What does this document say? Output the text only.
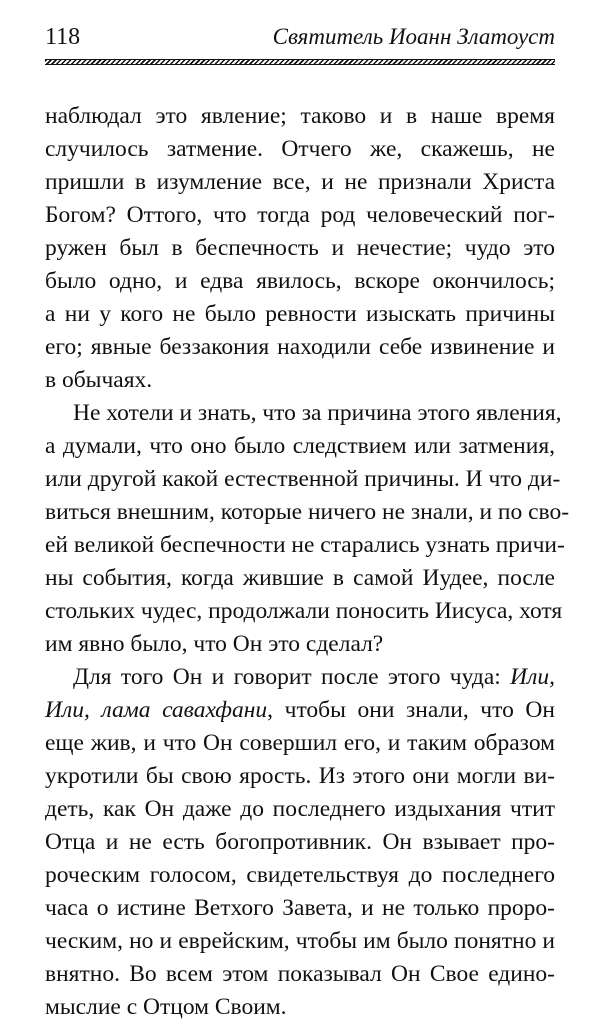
118	Святитель Иоанн Златоуст
наблюдал это явление; таково и в наше время
случилось затмение. Отчего же, скажешь, не
пришли в изумление все, и не признали Христа
Богом? Оттого, что тогда род человеческий пог-
ружен был в беспечность и нечестие; чудо это
было одно, и едва явилось, вскоре окончилось;
а ни у кого не было ревности изыскать причины
его; явные беззакония находили себе извинение и
в обычаях.
Не хотели и знать, что за причина этого явления,
а думали, что оно было следствием или затмения,
или другой какой естественной причины. И что ди-
виться внешним, которые ничего не знали, и по сво-
ей великой беспечности не старались узнать причи-
ны события, когда жившие в самой Иудее, после
стольких чудес, продолжали поносить Иисуса, хотя
им явно было, что Он это сделал?
Для того Он и говорит после этого чуда: Или,
Или, лама савахфани, чтобы они знали, что Он
еще жив, и что Он совершил его, и таким образом
укротили бы свою ярость. Из этого они могли ви-
деть, как Он даже до последнего издыхания чтит
Отца и не есть богопротивник. Он взывает про-
роческим голосом, свидетельствуя до последнего
часа о истине Ветхого Завета, и не только проро-
ческим, но и еврейским, чтобы им было понятно и
внятно. Во всем этом показывал Он Свое едино-
мыслие с Отцом Своим.
